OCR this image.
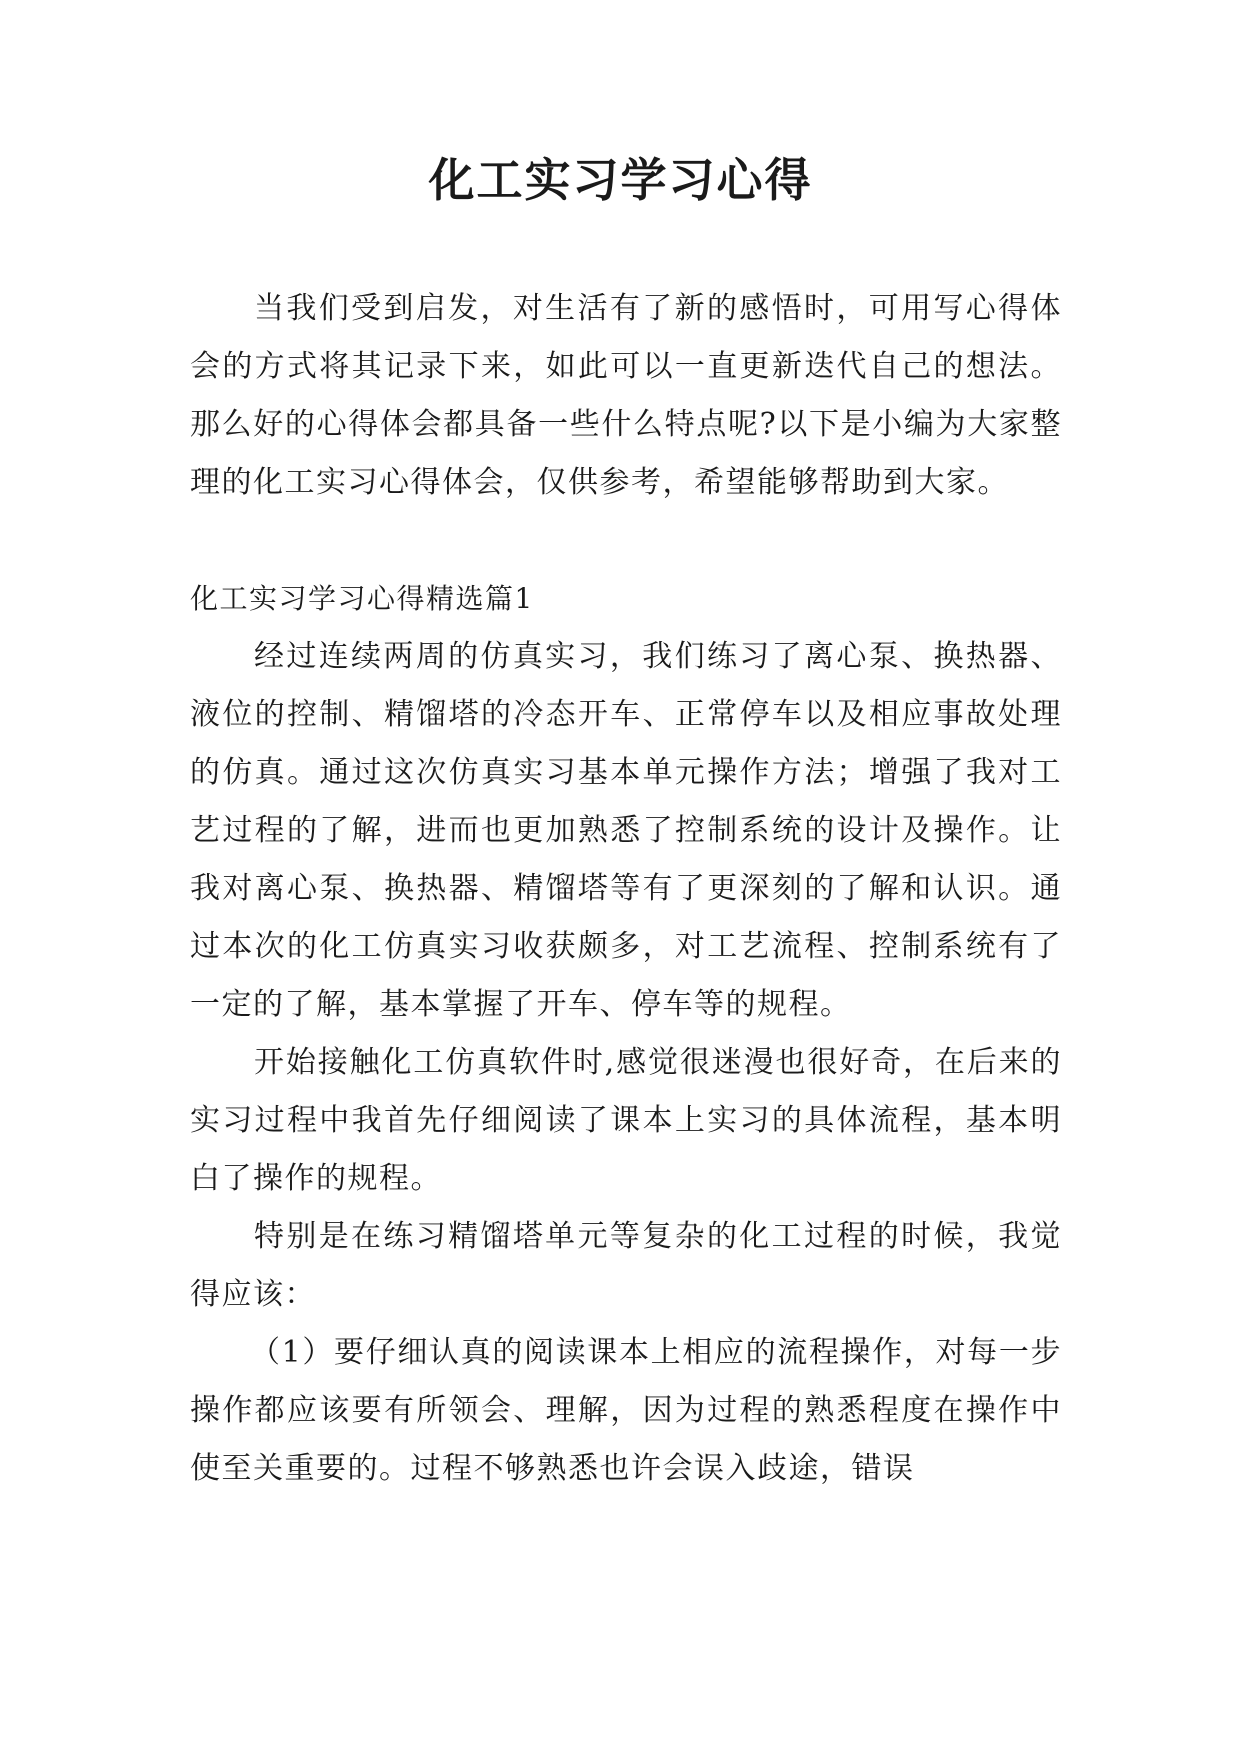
化工实习学习心得

当我们受到启发，对生活有了新的感悟时，可用写心得体会的方式将其记录下来，如此可以一直更新迭代自己的想法。那么好的心得体会都具备一些什么特点呢?以下是小编为大家整理的化工实习心得体会，仅供参考，希望能够帮助到大家。

化工实习学习心得精选篇1

经过连续两周的仿真实习，我们练习了离心泵、换热器、液位的控制、精馏塔的冷态开车、正常停车以及相应事故处理的仿真。通过这次仿真实习基本单元操作方法；增强了我对工艺过程的了解，进而也更加熟悉了控制系统的设计及操作。让我对离心泵、换热器、精馏塔等有了更深刻的了解和认识。通过本次的化工仿真实习收获颇多，对工艺流程、控制系统有了一定的了解，基本掌握了开车、停车等的规程。

开始接触化工仿真软件时,感觉很迷漫也很好奇，在后来的实习过程中我首先仔细阅读了课本上实习的具体流程，基本明白了操作的规程。

特别是在练习精馏塔单元等复杂的化工过程的时候，我觉得应该：

（1）要仔细认真的阅读课本上相应的流程操作，对每一步操作都应该要有所领会、理解，因为过程的熟悉程度在操作中使至关重要的。过程不够熟悉也许会误入歧途，错误
